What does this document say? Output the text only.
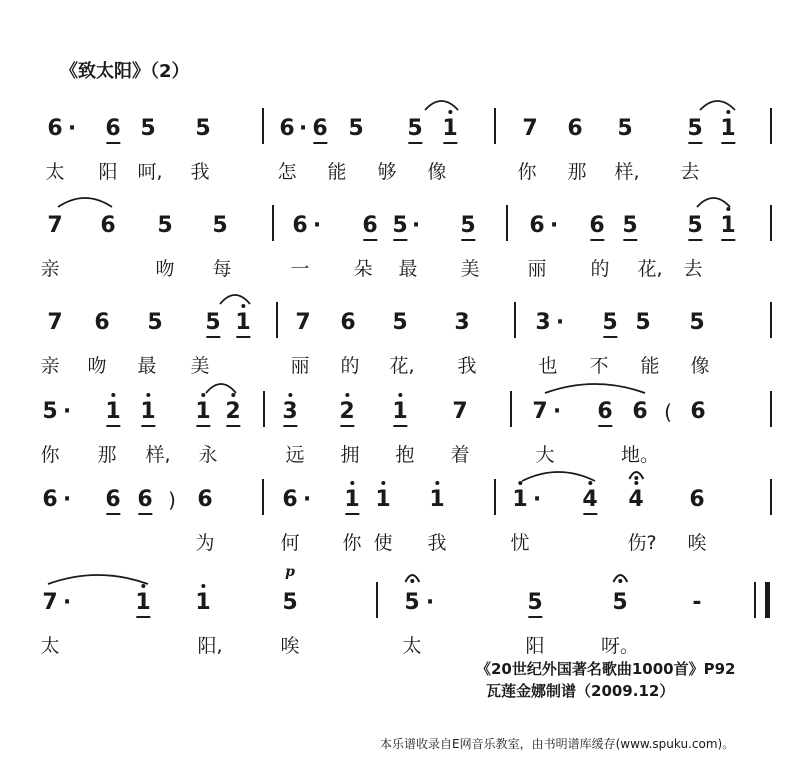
《致太阳》（2）
6 · 6 5 5	6 · 6 5 5 1	7 6 5 5 1
太 阳 呵, 我	怎 能 够 像	你 那 样, 去
7 6 5 5	6 · 6 5 · 5 6 · 6 5 5 1
亲	吻 每	一 朵 最 美	丽 的 花, 去
7 6 5 5 1 7 6 5 3	3 · 5 5 5
亲 吻 最 美	丽 的 花, 我	也 不 能 像
5 · 1 1 1 2 3 2 1 7	7 · 6 6 6
(
你 那 样, 永	远 拥 抱 着	大	地。
6 · 6 6 6	6 · 1 1 1	1 · 4 4 6
)
为	何 你 使 我	忧	伤? 唉
7 ·	1 1	5	5 ·	5	5	-
p
太	阳,	唉	太	阳	呀。
《20世纪外国著名歌曲1000首》P92
瓦莲金娜制谱（2009.12）
本乐谱收录自E网音乐教室，由书明谱库缓存(www.spuku.com)。
